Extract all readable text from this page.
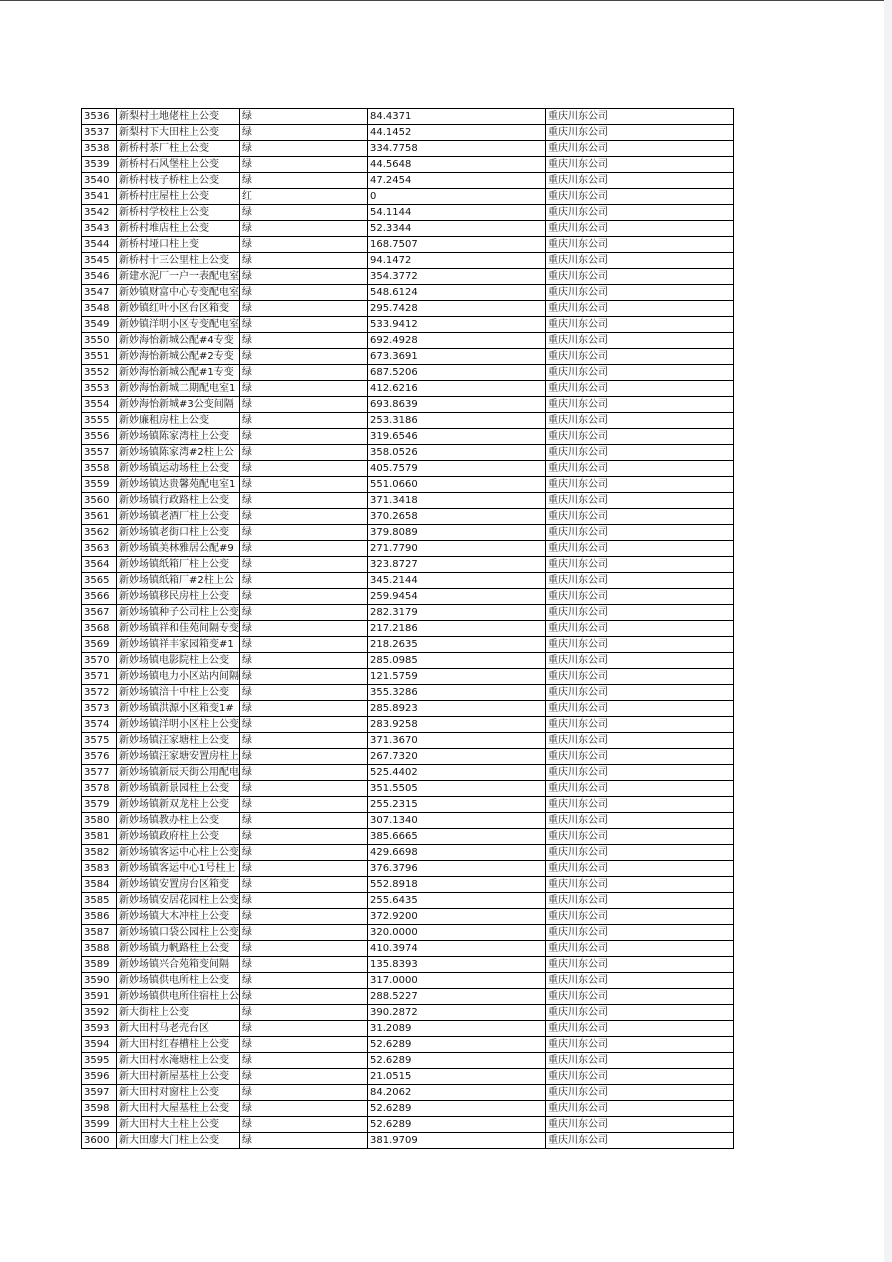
3536	新梨村土地佬柱上公变	绿	84.4371	重庆川东公司
3537	新梨村下大田柱上公变	绿	44.1452	重庆川东公司
3538	新桥村茶厂柱上公变	绿	334.7758	重庆川东公司
3539	新桥村石风堡柱上公变	绿	44.5648	重庆川东公司
3540	新桥村枝子桥柱上公变	绿	47.2454	重庆川东公司
3541	新桥村庄屋柱上公变	红	0	重庆川东公司
3542	新桥村学校柱上公变	绿	54.1144	重庆川东公司
3543	新桥村堆店柱上公变	绿	52.3344	重庆川东公司
3544	新桥村垭口柱上变	绿	168.7507	重庆川东公司
3545	新桥村十三公里柱上公变	绿	94.1472	重庆川东公司
3546	新建水泥厂一户一表配电室	绿	354.3772	重庆川东公司
3547	新妙镇财富中心专变配电室	绿	548.6124	重庆川东公司
3548	新妙镇红叶小区台区箱变	绿	295.7428	重庆川东公司
3549	新妙镇洋明小区专变配电室	绿	533.9412	重庆川东公司
3550	新妙海怡新城公配#4专变	绿	692.4928	重庆川东公司
3551	新妙海怡新城公配#2专变	绿	673.3691	重庆川东公司
3552	新妙海怡新城公配#1专变	绿	687.5206	重庆川东公司
3553	新妙海怡新城二期配电室1	绿	412.6216	重庆川东公司
3554	新妙海怡新城#3公变间隔	绿	693.8639	重庆川东公司
3555	新妙廉租房柱上公变	绿	253.3186	重庆川东公司
3556	新妙场镇陈家湾柱上公变	绿	319.6546	重庆川东公司
3557	新妙场镇陈家湾#2柱上公	绿	358.0526	重庆川东公司
3558	新妙场镇运动场柱上公变	绿	405.7579	重庆川东公司
3559	新妙场镇达贵馨苑配电室1	绿	551.0660	重庆川东公司
3560	新妙场镇行政路柱上公变	绿	371.3418	重庆川东公司
3561	新妙场镇老酒厂柱上公变	绿	370.2658	重庆川东公司
3562	新妙场镇老街口柱上公变	绿	379.8089	重庆川东公司
3563	新妙场镇美林雅居公配#9	绿	271.7790	重庆川东公司
3564	新妙场镇纸箱厂柱上公变	绿	323.8727	重庆川东公司
3565	新妙场镇纸箱厂#2柱上公	绿	345.2144	重庆川东公司
3566	新妙场镇移民房柱上公变	绿	259.9454	重庆川东公司
3567	新妙场镇种子公司柱上公变	绿	282.3179	重庆川东公司
3568	新妙场镇祥和佳苑间隔专变	绿	217.2186	重庆川东公司
3569	新妙场镇祥丰家园箱变#1	绿	218.2635	重庆川东公司
3570	新妙场镇电影院柱上公变	绿	285.0985	重庆川东公司
3571	新妙场镇电力小区站内间隔	绿	121.5759	重庆川东公司
3572	新妙场镇涪十中柱上公变	绿	355.3286	重庆川东公司
3573	新妙场镇洪源小区箱变1#	绿	285.8923	重庆川东公司
3574	新妙场镇洋明小区柱上公变	绿	283.9258	重庆川东公司
3575	新妙场镇汪家塘柱上公变	绿	371.3670	重庆川东公司
3576	新妙场镇汪家塘安置房柱上	绿	267.7320	重庆川东公司
3577	新妙场镇新辰天街公用配电	绿	525.4402	重庆川东公司
3578	新妙场镇新景园柱上公变	绿	351.5505	重庆川东公司
3579	新妙场镇新双龙柱上公变	绿	255.2315	重庆川东公司
3580	新妙场镇教办柱上公变	绿	307.1340	重庆川东公司
3581	新妙场镇政府柱上公变	绿	385.6665	重庆川东公司
3582	新妙场镇客运中心柱上公变	绿	429.6698	重庆川东公司
3583	新妙场镇客运中心1号柱上	绿	376.3796	重庆川东公司
3584	新妙场镇安置房台区箱变	绿	552.8918	重庆川东公司
3585	新妙场镇安居花园柱上公变	绿	255.6435	重庆川东公司
3586	新妙场镇大木冲柱上公变	绿	372.9200	重庆川东公司
3587	新妙场镇口袋公园柱上公变	绿	320.0000	重庆川东公司
3588	新妙场镇力帆路柱上公变	绿	410.3974	重庆川东公司
3589	新妙场镇兴合苑箱变间隔	绿	135.8393	重庆川东公司
3590	新妙场镇供电所柱上公变	绿	317.0000	重庆川东公司
3591	新妙场镇供电所住宿柱上公	绿	288.5227	重庆川东公司
3592	新大街柱上公变	绿	390.2872	重庆川东公司
3593	新大田村马老壳台区	绿	31.2089	重庆川东公司
3594	新大田村红春槽柱上公变	绿	52.6289	重庆川东公司
3595	新大田村水淹塘柱上公变	绿	52.6289	重庆川东公司
3596	新大田村新屋基柱上公变	绿	21.0515	重庆川东公司
3597	新大田村对窗柱上公变	绿	84.2062	重庆川东公司
3598	新大田村大屋基柱上公变	绿	52.6289	重庆川东公司
3599	新大田村大土柱上公变	绿	52.6289	重庆川东公司
3600	新大田廖大门柱上公变	绿	381.9709	重庆川东公司
